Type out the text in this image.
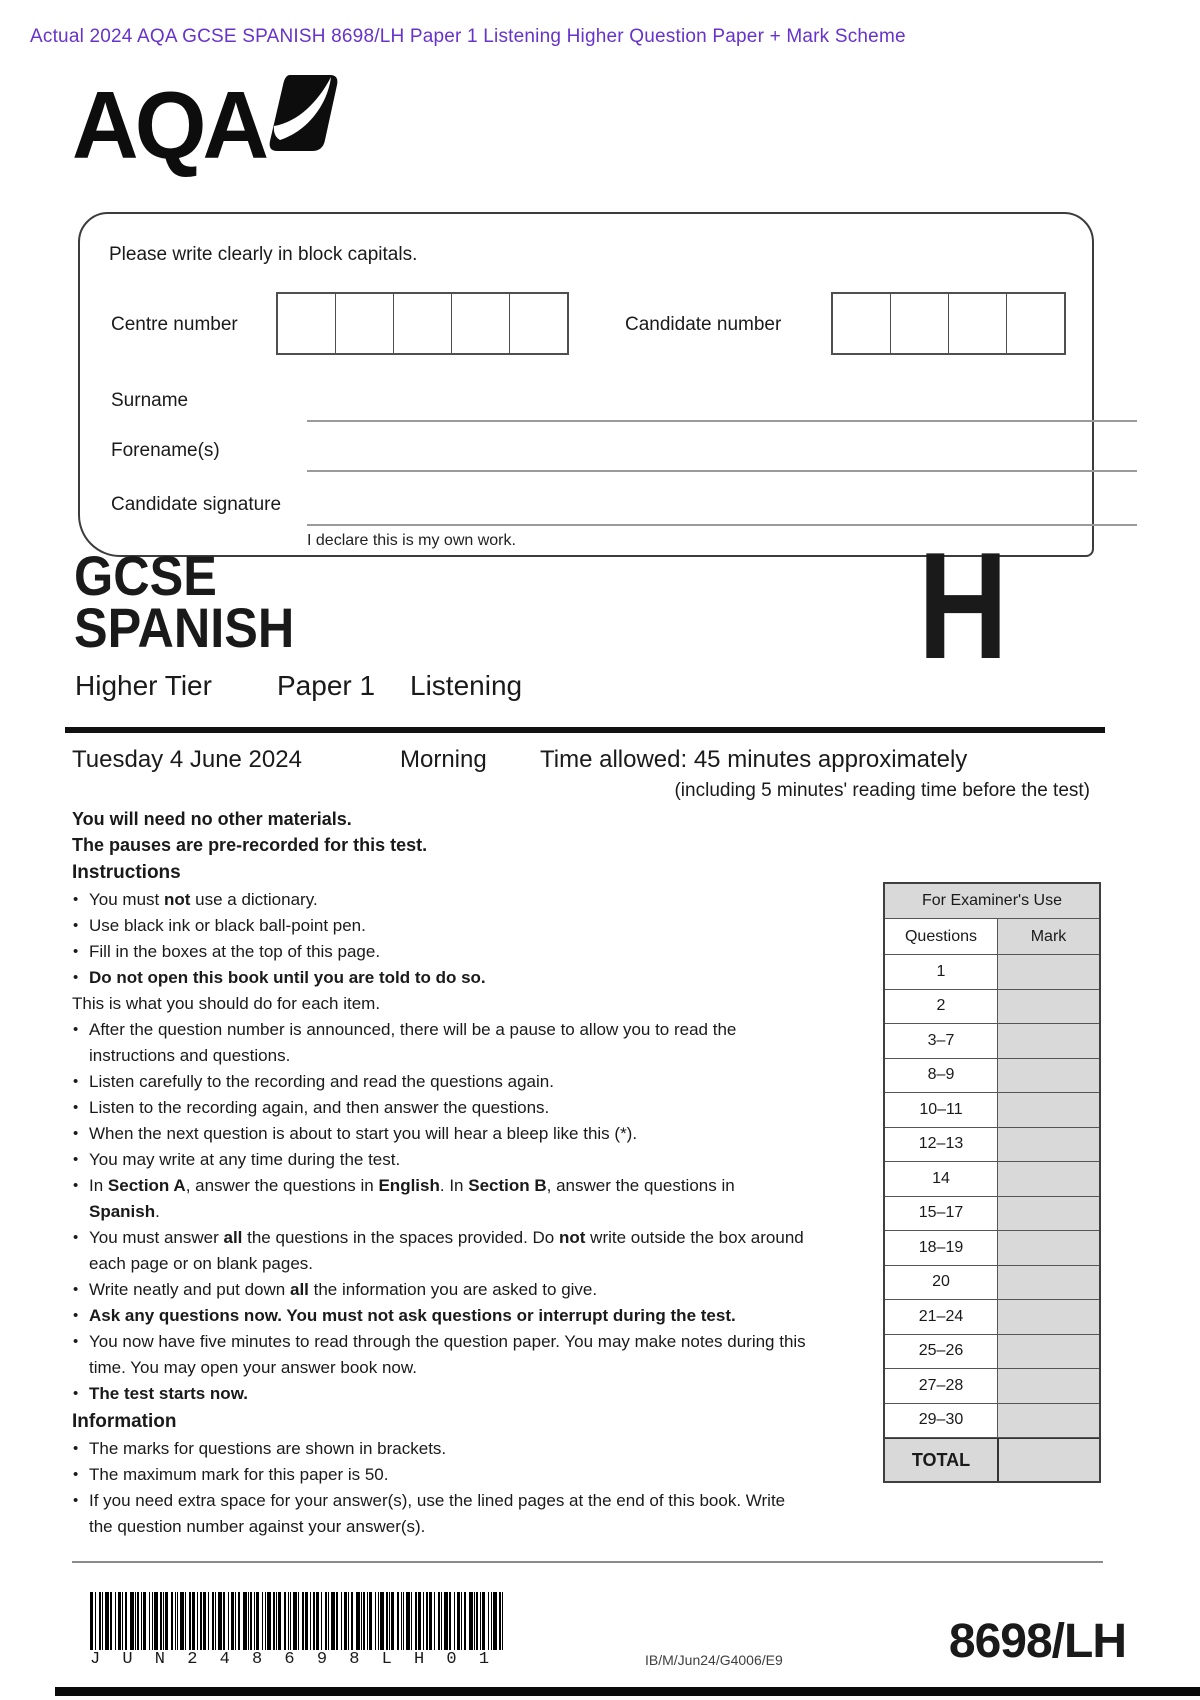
Actual 2024 AQA GCSE SPANISH 8698/LH Paper 1 Listening Higher Question Paper + Mark Scheme
AQA
Please write clearly in block capitals.
Centre number	Candidate number
Surname
Forename(s)
Candidate signature
I declare this is my own work.
GCSE
SPANISH	H
Higher Tier Paper 1 Listening
Tuesday 4 June 2024	Morning Time allowed: 45 minutes approximately
(including 5 minutes' reading time before the test)
You will need no other materials.
The pauses are pre-recorded for this test.
Instructions
• You must not use a dictionary.
• Use black ink or black ball-point pen.
• Fill in the boxes at the top of this page.
• Do not open this book until you are told to do so.
This is what you should do for each item.
• After the question number is announced, there will be a pause to allow you to read the instructions and questions.
• Listen carefully to the recording and read the questions again.
• Listen to the recording again, and then answer the questions.
• When the next question is about to start you will hear a bleep like this (*).
• You may write at any time during the test.
• In Section A, answer the questions in English. In Section B, answer the questions in Spanish.
• You must answer all the questions in the spaces provided. Do not write outside the box around each page or on blank pages.
• Write neatly and put down all the information you are asked to give.
• Ask any questions now. You must not ask questions or interrupt during the test.
• You now have five minutes to read through the question paper. You may make notes during this time. You may open your answer book now.
• The test starts now.
Information
• The marks for questions are shown in brackets.
• The maximum mark for this paper is 50.
• If you need extra space for your answer(s), use the lined pages at the end of this book. Write the question number against your answer(s).
For Examiner's Use
Questions	Mark
1
2
3–7
8–9
10–11
12–13
14
15–17
18–19
20
21–24
25–26
27–28
29–30
TOTAL
J U N 2 4 8 6 9 8 L H 0 1	IB/M/Jun24/G4006/E9	8698/LH
